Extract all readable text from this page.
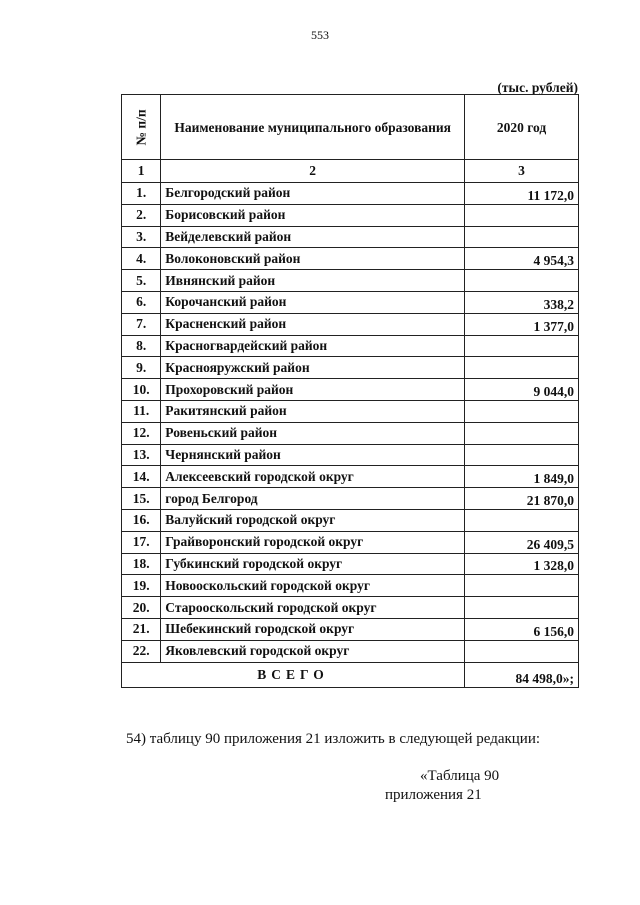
553
(тыс. рублей)
№ п/п	Наименование муниципального образования	2020 год
1	2	3
1.	Белгородский район	11 172,0
2.	Борисовский район	
3.	Вейделевский район	
4.	Волоконовский район	4 954,3
5.	Ивнянский район	
6.	Корочанский район	338,2
7.	Красненский район	1 377,0
8.	Красногвардейский район	
9.	Краснояружский район	
10.	Прохоровский район	9 044,0
11.	Ракитянский район	
12.	Ровеньский район	
13.	Чернянский район	
14.	Алексеевский городской округ	1 849,0
15.	город Белгород	21 870,0
16.	Валуйский городской округ	
17.	Грайворонский городской округ	26 409,5
18.	Губкинский городской округ	1 328,0
19.	Новооскольский городской округ	
20.	Старооскольский городской округ	
21.	Шебекинский городской округ	6 156,0
22.	Яковлевский городской округ	
ВСЕГО		84 498,0»;
54) таблицу 90 приложения 21 изложить в следующей редакции:
«Таблица 90
приложения 21
